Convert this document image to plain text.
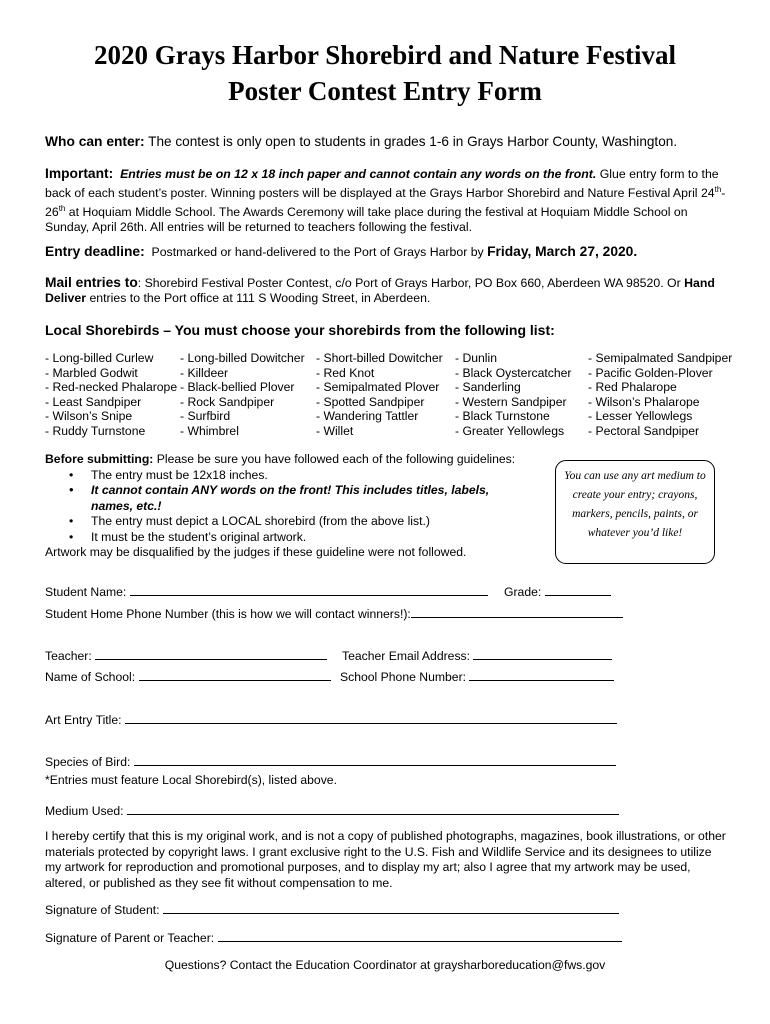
2020 Grays Harbor Shorebird and Nature Festival
Poster Contest Entry Form
Who can enter: The contest is only open to students in grades 1-6 in Grays Harbor County, Washington.
Important: Entries must be on 12 x 18 inch paper and cannot contain any words on the front. Glue entry form to the back of each student’s poster. Winning posters will be displayed at the Grays Harbor Shorebird and Nature Festival April 24th-26th at Hoquiam Middle School. The Awards Ceremony will take place during the festival at Hoquiam Middle School on Sunday, April 26th. All entries will be returned to teachers following the festival.
Entry deadline: Postmarked or hand-delivered to the Port of Grays Harbor by Friday, March 27, 2020.
Mail entries to: Shorebird Festival Poster Contest, c/o Port of Grays Harbor, PO Box 660, Aberdeen WA 98520. Or Hand Deliver entries to the Port office at 111 S Wooding Street, in Aberdeen.
Local Shorebirds – You must choose your shorebirds from the following list:
- Long-billed Curlew
- Marbled Godwit
- Red-necked Phalarope
- Least Sandpiper
- Wilson’s Snipe
- Ruddy Turnstone
- Long-billed Dowitcher
- Killdeer
- Black-bellied Plover
- Rock Sandpiper
- Surfbird
- Whimbrel
- Short-billed Dowitcher
- Red Knot
- Semipalmated Plover
- Spotted Sandpiper
- Wandering Tattler
- Willet
- Dunlin
- Black Oystercatcher
- Sanderling
- Western Sandpiper
- Black Turnstone
- Greater Yellowlegs
- Semipalmated Sandpiper
- Pacific Golden-Plover
- Red Phalarope
- Wilson’s Phalarope
- Lesser Yellowlegs
- Pectoral Sandpiper
Before submitting: Please be sure you have followed each of the following guidelines:
• The entry must be 12x18 inches.
• It cannot contain ANY words on the front! This includes titles, labels, names, etc.!
• The entry must depict a LOCAL shorebird (from the above list.)
• It must be the student’s original artwork.
Artwork may be disqualified by the judges if these guideline were not followed.
You can use any art medium to create your entry; crayons, markers, pencils, paints, or whatever you’d like!
Student Name:	Grade:
Student Home Phone Number (this is how we will contact winners!):
Teacher:	Teacher Email Address:
Name of School:	School Phone Number:
Art Entry Title:
Species of Bird:
*Entries must feature Local Shorebird(s), listed above.
Medium Used:
I hereby certify that this is my original work, and is not a copy of published photographs, magazines, book illustrations, or other materials protected by copyright laws. I grant exclusive right to the U.S. Fish and Wildlife Service and its designees to utilize my artwork for reproduction and promotional purposes, and to display my art; also I agree that my artwork may be used, altered, or published as they see fit without compensation to me.
Signature of Student:
Signature of Parent or Teacher:
Questions? Contact the Education Coordinator at graysharboreducation@fws.gov
